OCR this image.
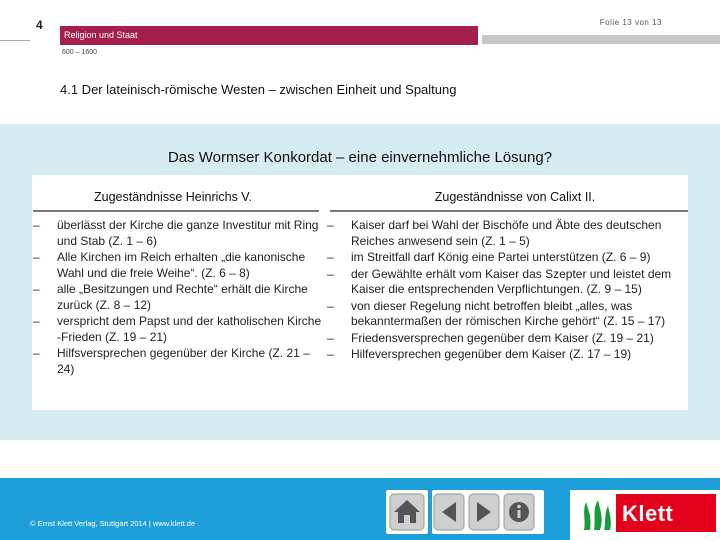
4	Folie 13 von 13
Religion und Staat
600 – 1600
4.1 Der lateinisch-römische Westen – zwischen Einheit und Spaltung
Das Wormser Konkordat – eine einvernehmliche Lösung?
Zugeständnisse Heinrichs V.	Zugeständnisse von Calixt II.
– überlässt der Kirche die ganze Investitur mit Ring und Stab (Z. 1 – 6)
– Alle Kirchen im Reich erhalten „die kanonische Wahl und die freie Weihe“. (Z. 6 – 8)
– alle „Besitzungen und Rechte“ erhält die Kirche zurück (Z. 8 – 12)
– verspricht dem Papst und der katholischen Kirche -Frieden (Z. 19 – 21)
– Hilfsversprechen gegenüber der Kirche (Z. 21 – 24)
– Kaiser darf bei Wahl der Bischöfe und Äbte des deutschen Reiches anwesend sein (Z. 1 – 5)
– im Streitfall darf König eine Partei unterstützen (Z. 6 – 9)
– der Gewählte erhält vom Kaiser das Szepter und leistet dem Kaiser die entsprechenden Verpflichtungen. (Z. 9 – 15)
– von dieser Regelung nicht betroffen bleibt „alles, was bekanntermaßen der römischen Kirche gehört“ (Z. 15 – 17)
– Friedensversprechen gegenüber dem Kaiser (Z. 19 – 21)
– Hilfeversprechen gegenüber dem Kaiser (Z. 17 – 19)
© Ernst Klett Verlag, Stuttgart 2014 | www.klett.de	Klett
